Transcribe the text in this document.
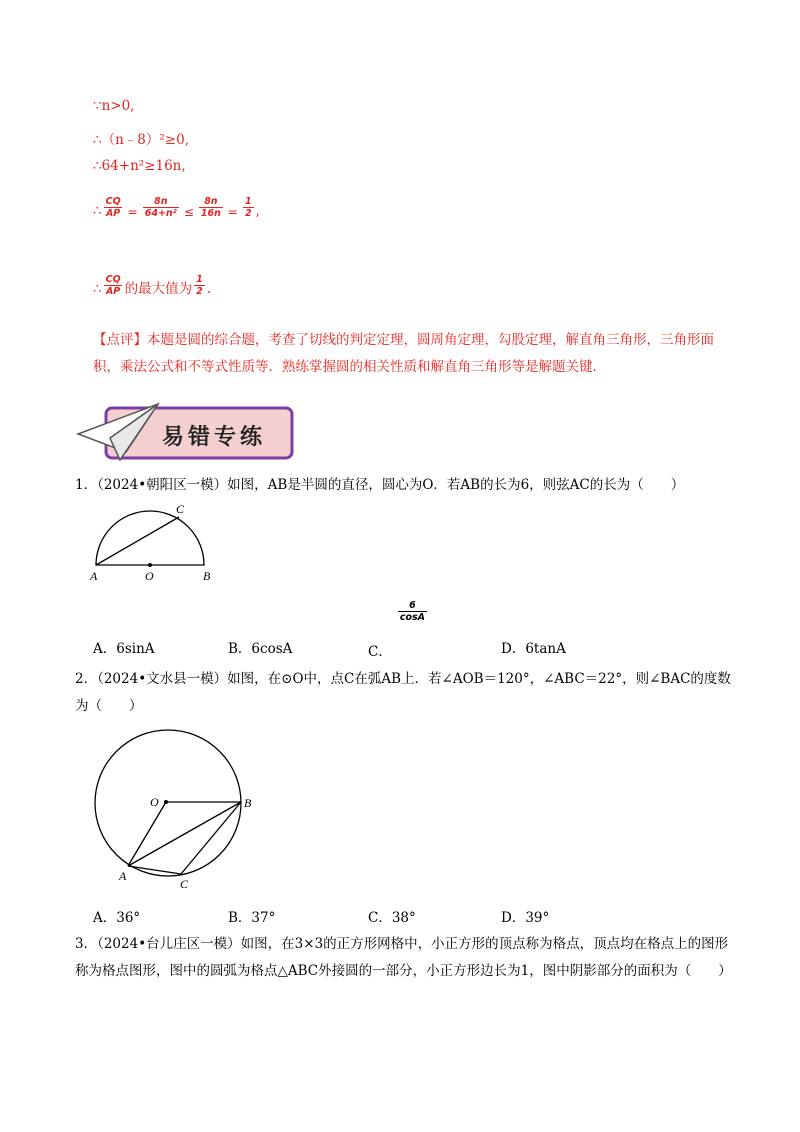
∵n>0,
∴（n﹣8）²≥0,
∴64+n²≥16n,
∴ $\frac{CQ}{AP} = \frac{8n}{\text{64+n²}} \le \frac{8n}{16n} = \frac{1}{2}$ ,
∴ $\frac{CQ}{AP}$ 的最大值为 $\frac{1}{2}$ .
【点评】本题是圆的综合题，考查了切线的判定定理，圆周角定理，勾股定理，解直角三角形，三角形面积，乘法公式和不等式性质等．熟练掌握圆的相关性质和解直角三角形等是解题关键．
易错专练
1．（2024•朝阳区一模）如图，AB是半圆的直径，圆心为O．若AB的长为6，则弦AC的长为（　　）
A	O	B
C
A．6sinA	B．6cosA	C．
$\frac{6}{\cos A}$
D．6tanA
2．（2024•文水县一模）如图，在⊙O中，点C在弧AB上．若∠AOB＝120°，∠ABC＝22°，则∠BAC的度数为（　　）
O	B
A
C
A．36°	B．37°	C．38°	D．39°
3．（2024•台儿庄区一模）如图，在3×3的正方形网格中，小正方形的顶点称为格点，顶点均在格点上的图形称为格点图形，图中的圆弧为格点△ABC外接圆的一部分，小正方形边长为1，图中阴影部分的面积为（　　）
